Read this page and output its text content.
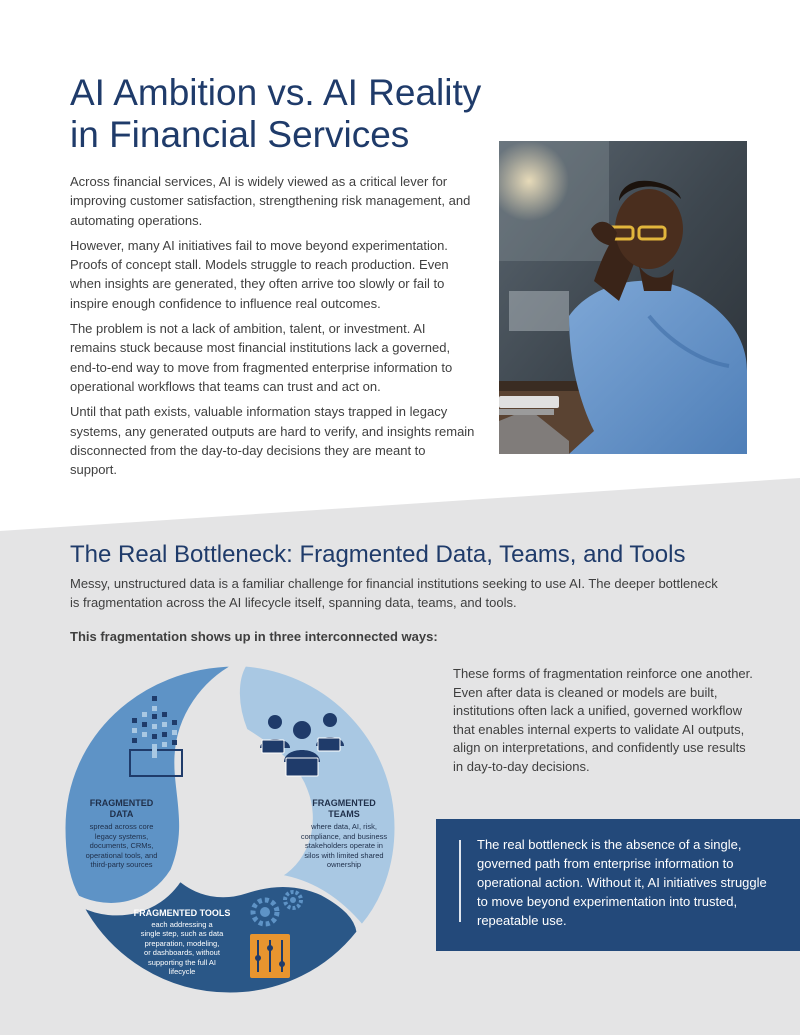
AI Ambition vs. AI Reality
in Financial Services

Across financial services, AI is widely viewed as a critical lever for improving customer satisfaction, strengthening risk management, and automating operations.

However, many AI initiatives fail to move beyond experimentation. Proofs of concept stall. Models struggle to reach production. Even when insights are generated, they often arrive too slowly or fail to inspire enough confidence to influence real outcomes.

The problem is not a lack of ambition, talent, or investment. AI remains stuck because most financial institutions lack a governed, end-to-end way to move from fragmented enterprise information to operational workflows that teams can trust and act on.

Until that path exists, valuable information stays trapped in legacy systems, any generated outputs are hard to verify, and insights remain disconnected from the day-to-day decisions they are meant to support.

The Real Bottleneck: Fragmented Data, Teams, and Tools

Messy, unstructured data is a familiar challenge for financial institutions seeking to use AI. The deeper bottleneck is fragmentation across the AI lifecycle itself, spanning data, teams, and tools.

This fragmentation shows up in three interconnected ways:

These forms of fragmentation reinforce one another. Even after data is cleaned or models are built, institutions often lack a unified, governed workflow that enables internal experts to validate AI outputs, align on interpretations, and confidently use results in day-to-day decisions.

The real bottleneck is the absence of a single, governed path from enterprise information to operational action. Without it, AI initiatives struggle to move beyond experimentation into trusted, repeatable use.

FRAGMENTED
DATA
spread across core
legacy systems,
documents, CRMs,
operational tools, and
third-party sources
FRAGMENTED
TEAMS
where data, AI, risk,
compliance, and business
stakeholders operate in
silos with limited shared
ownership
FRAGMENTED TOOLS
each addressing a
single step, such as data
preparation, modeling,
or dashboards, without
supporting the full AI
lifecycle
